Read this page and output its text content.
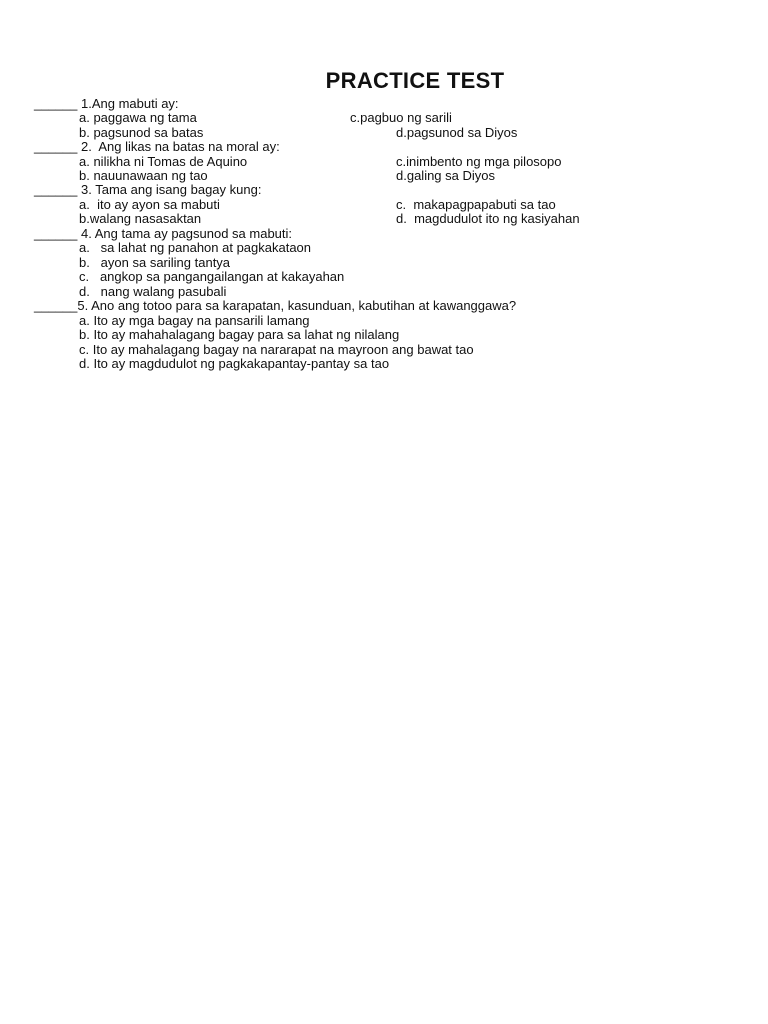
PRACTICE TEST
______ 1.Ang mabuti ay:
a. paggawa ng tama	c.pagbuo ng sarili
b. pagsunod sa batas	d.pagsunod sa Diyos
______ 2.  Ang likas na batas na moral ay:
a. nilikha ni Tomas de Aquino	c.inimbento ng mga pilosopo
b. nauunawaan ng tao	d.galing sa Diyos
______ 3. Tama ang isang bagay kung:
a.  ito ay ayon sa mabuti	c.  makapagpapabuti sa tao
b.walang nasasaktan	d.  magdudulot ito ng kasiyahan
______ 4. Ang tama ay pagsunod sa mabuti:
a.   sa lahat ng panahon at pagkakataon
b.   ayon sa sariling tantya
c.   angkop sa pangangailangan at kakayahan
d.   nang walang pasubali
______5. Ano ang totoo para sa karapatan, kasunduan, kabutihan at kawanggawa?
a. Ito ay mga bagay na pansarili lamang
b. Ito ay mahahalagang bagay para sa lahat ng nilalang
c. Ito ay mahalagang bagay na nararapat na mayroon ang bawat tao
d. Ito ay magdudulot ng pagkakapantay-pantay sa tao
